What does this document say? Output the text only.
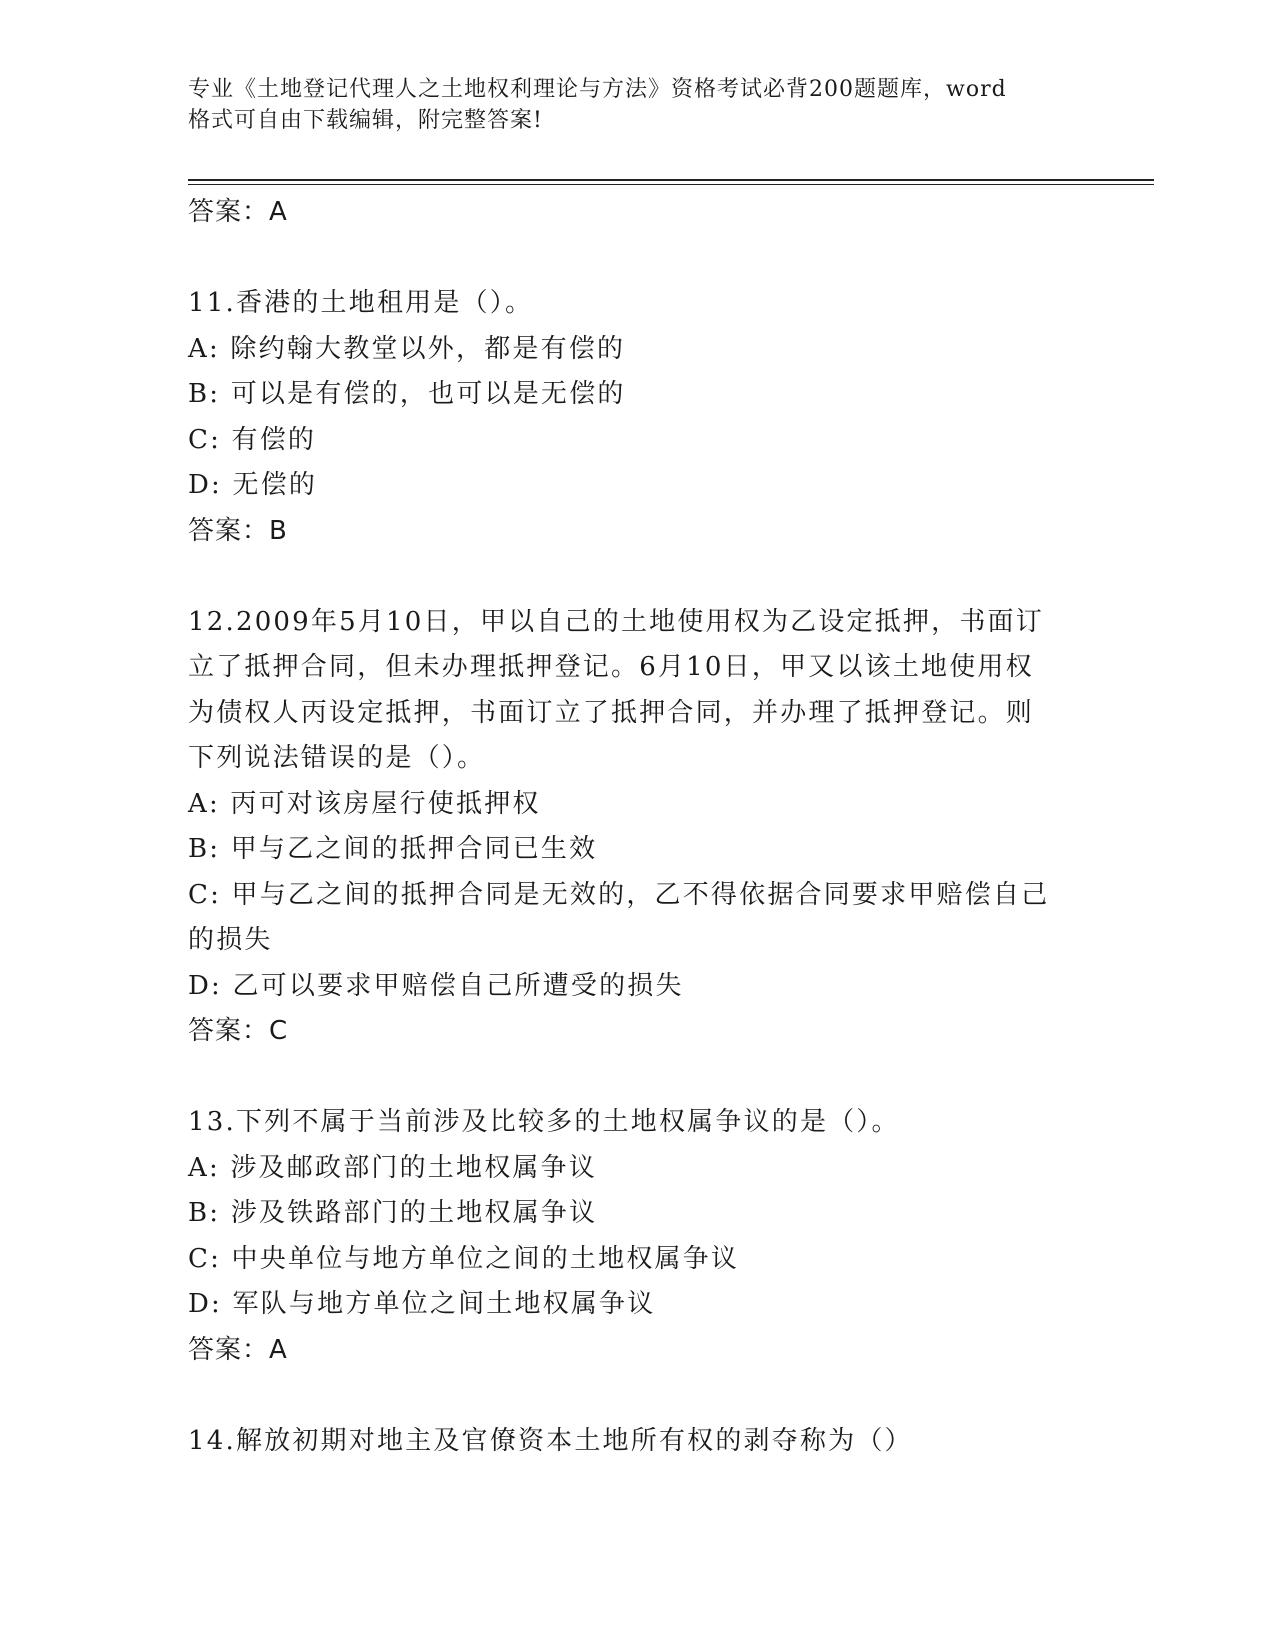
专业《土地登记代理人之土地权利理论与方法》资格考试必背200题题库，word
格式可自由下载编辑，附完整答案!
答案：A
11.香港的土地租用是（）。
A: 除约翰大教堂以外，都是有偿的
B: 可以是有偿的，也可以是无偿的
C: 有偿的
D: 无偿的
答案：B
12.2009年5月10日，甲以自己的土地使用权为乙设定抵押，书面订
立了抵押合同，但未办理抵押登记。6月10日，甲又以该土地使用权
为债权人丙设定抵押，书面订立了抵押合同，并办理了抵押登记。则
下列说法错误的是（）。
A: 丙可对该房屋行使抵押权
B: 甲与乙之间的抵押合同已生效
C: 甲与乙之间的抵押合同是无效的，乙不得依据合同要求甲赔偿自己
的损失
D: 乙可以要求甲赔偿自己所遭受的损失
答案：C
13.下列不属于当前涉及比较多的土地权属争议的是（）。
A: 涉及邮政部门的土地权属争议
B: 涉及铁路部门的土地权属争议
C: 中央单位与地方单位之间的土地权属争议
D: 军队与地方单位之间土地权属争议
答案：A
14.解放初期对地主及官僚资本土地所有权的剥夺称为（）
